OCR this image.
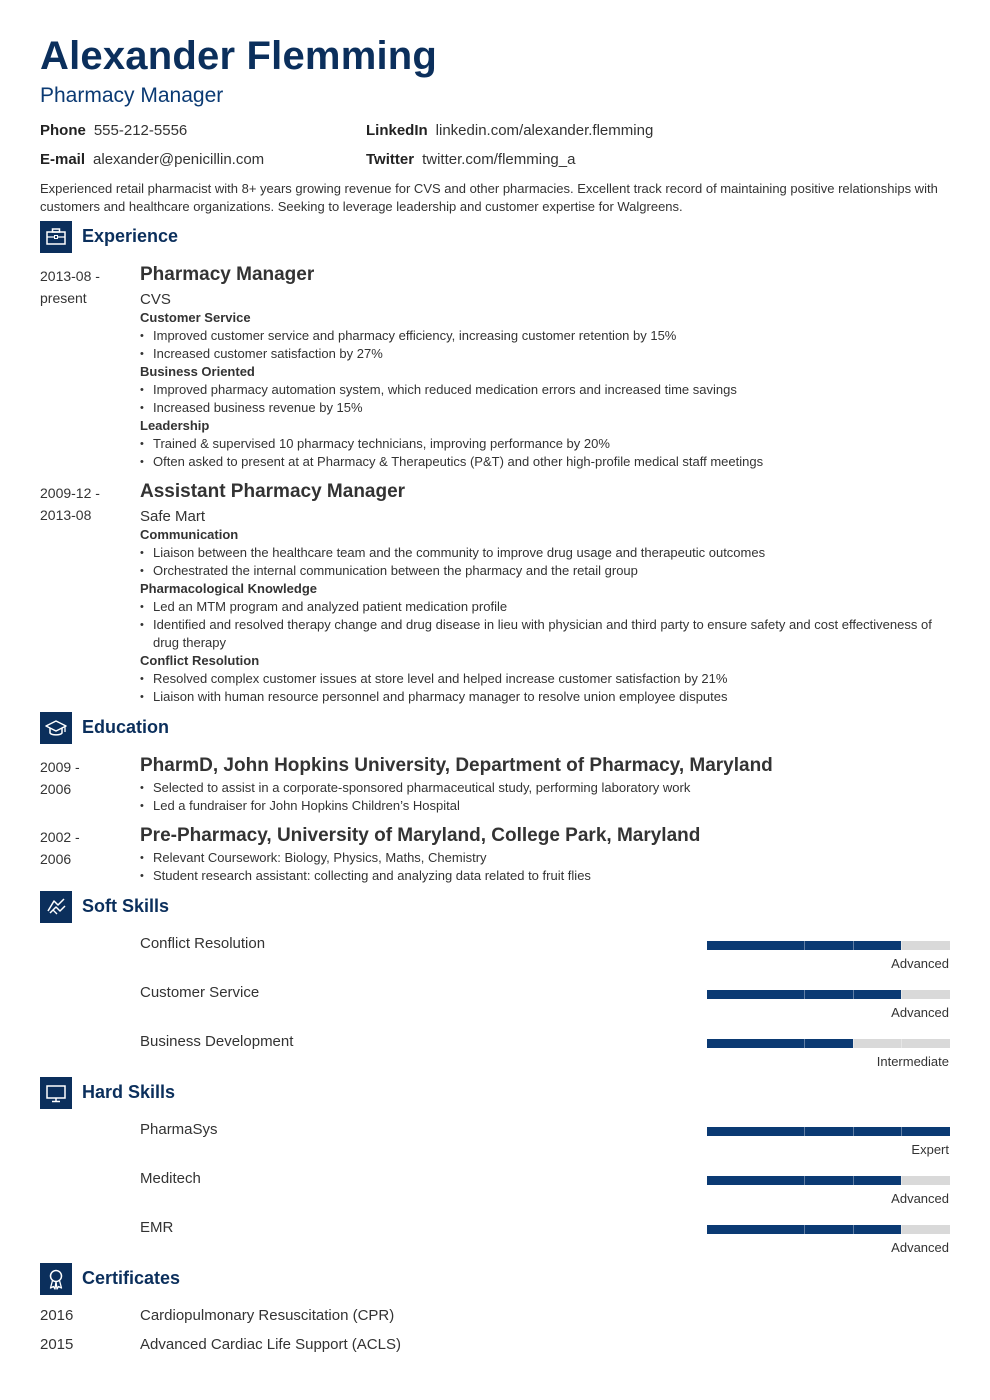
Alexander Flemming
Pharmacy Manager
Phone 555-212-5556
E-mail alexander@penicillin.com
LinkedIn linkedin.com/alexander.flemming
Twitter twitter.com/flemming_a
Experienced retail pharmacist with 8+ years growing revenue for CVS and other pharmacies. Excellent track record of maintaining positive relationships with customers and healthcare organizations. Seeking to leverage leadership and customer expertise for Walgreens.
Experience
2013-08 -
present
Pharmacy Manager
CVS
Customer Service
• Improved customer service and pharmacy efficiency, increasing customer retention by 15%
• Increased customer satisfaction by 27%
Business Oriented
• Improved pharmacy automation system, which reduced medication errors and increased time savings
• Increased business revenue by 15%
Leadership
• Trained & supervised 10 pharmacy technicians, improving performance by 20%
• Often asked to present at at Pharmacy & Therapeutics (P&T) and other high-profile medical staff meetings
2009-12 -
2013-08
Assistant Pharmacy Manager
Safe Mart
Communication
• Liaison between the healthcare team and the community to improve drug usage and therapeutic outcomes
• Orchestrated the internal communication between the pharmacy and the retail group
Pharmacological Knowledge
• Led an MTM program and analyzed patient medication profile
• Identified and resolved therapy change and drug disease in lieu with physician and third party to ensure safety and cost effectiveness of drug therapy
Conflict Resolution
• Resolved complex customer issues at store level and helped increase customer satisfaction by 21%
• Liaison with human resource personnel and pharmacy manager to resolve union employee disputes
Education
2009 -
2006
PharmD, John Hopkins University, Department of Pharmacy, Maryland
• Selected to assist in a corporate-sponsored pharmaceutical study, performing laboratory work
• Led a fundraiser for John Hopkins Children’s Hospital
2002 -
2006
Pre-Pharmacy, University of Maryland, College Park, Maryland
• Relevant Coursework: Biology, Physics, Maths, Chemistry
• Student research assistant: collecting and analyzing data related to fruit flies
Soft Skills
Conflict Resolution
Advanced
Customer Service
Advanced
Business Development
Intermediate
Hard Skills
PharmaSys
Expert
Meditech
Advanced
EMR
Advanced
Certificates
2016	Cardiopulmonary Resuscitation (CPR)
2015	Advanced Cardiac Life Support (ACLS)
